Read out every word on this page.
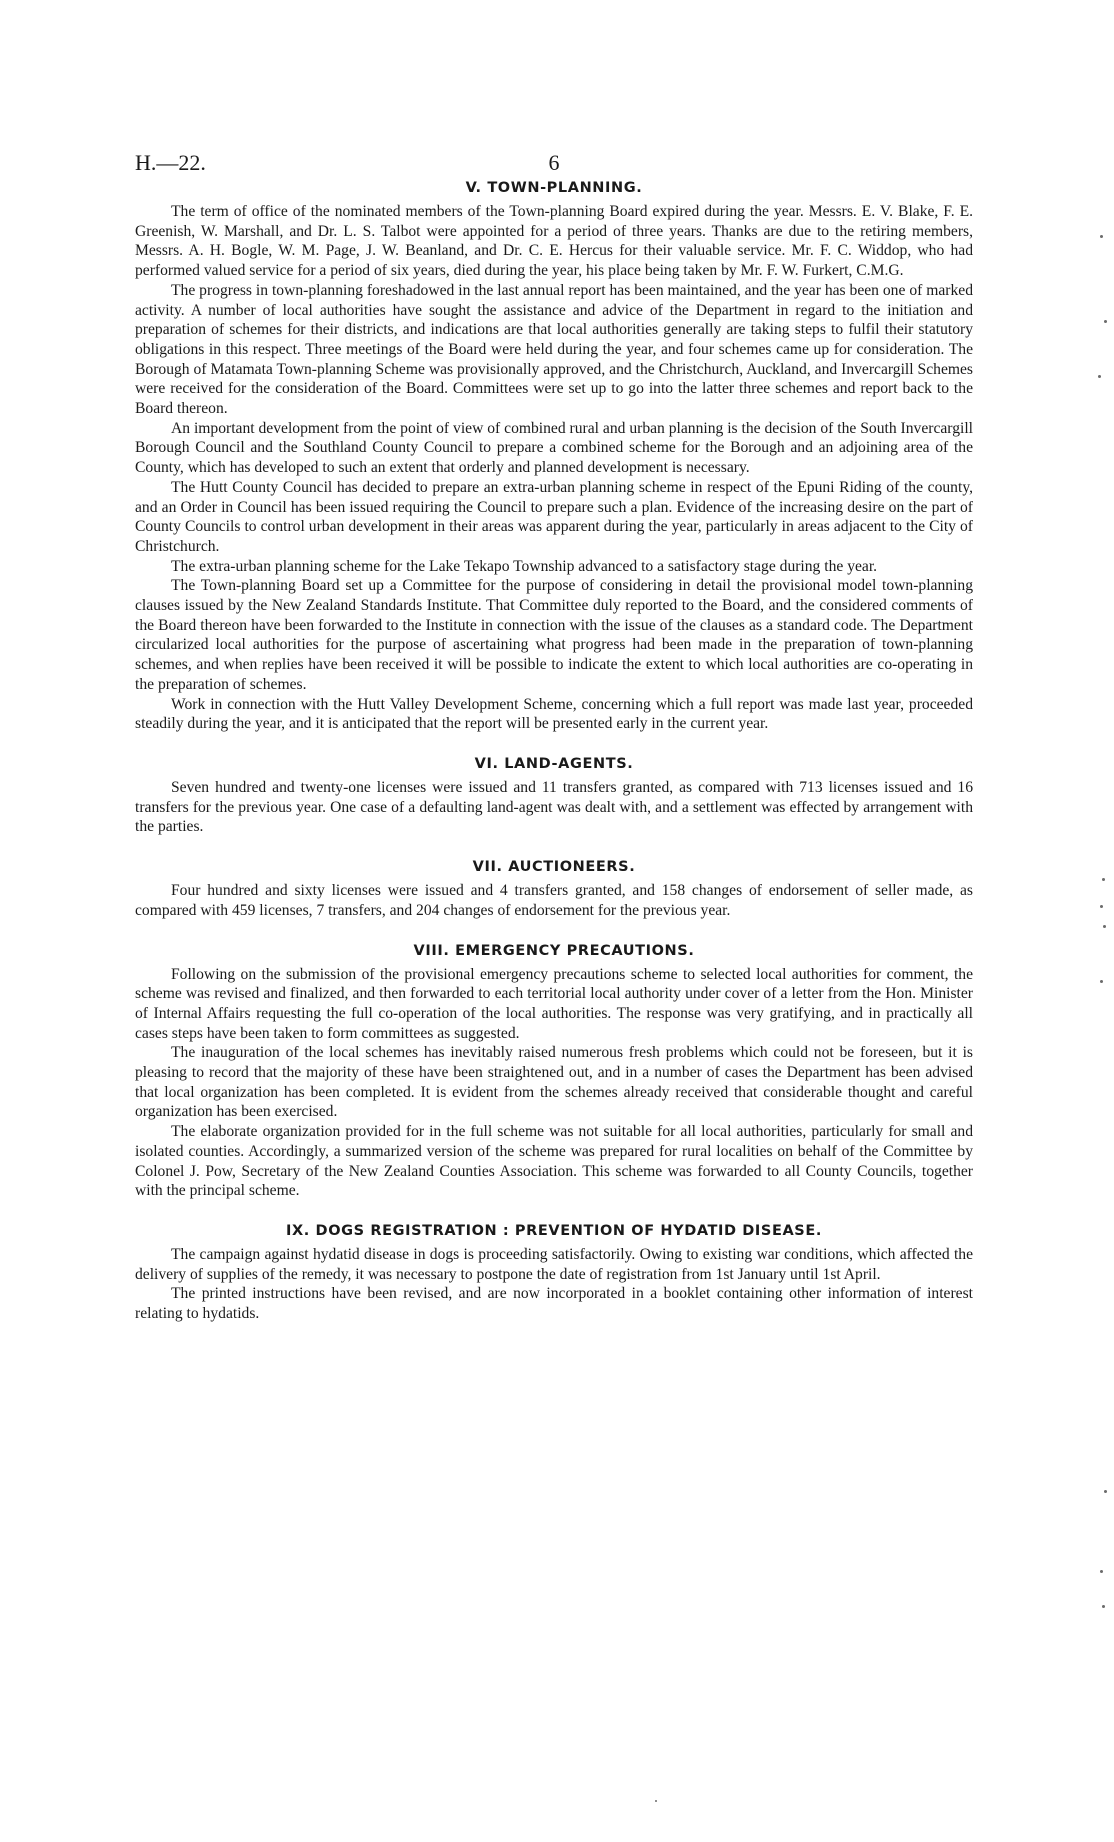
H.—22.	6
V. TOWN-PLANNING.

The term of office of the nominated members of the Town-planning Board expired during the year. Messrs. E. V. Blake, F. E. Greenish, W. Marshall, and Dr. L. S. Talbot were appointed for a period of three years. Thanks are due to the retiring members, Messrs. A. H. Bogle, W. M. Page, J. W. Beanland, and Dr. C. E. Hercus for their valuable service. Mr. F. C. Widdop, who had performed valued service for a period of six years, died during the year, his place being taken by Mr. F. W. Furkert, C.M.G.

The progress in town-planning foreshadowed in the last annual report has been maintained, and the year has been one of marked activity. A number of local authorities have sought the assistance and advice of the Department in regard to the initiation and preparation of schemes for their districts, and indications are that local authorities generally are taking steps to fulfil their statutory obligations in this respect. Three meetings of the Board were held during the year, and four schemes came up for consideration. The Borough of Matamata Town-planning Scheme was provisionally approved, and the Christchurch, Auckland, and Invercargill Schemes were received for the consideration of the Board. Committees were set up to go into the latter three schemes and report back to the Board thereon.

An important development from the point of view of combined rural and urban planning is the decision of the South Invercargill Borough Council and the Southland County Council to prepare a combined scheme for the Borough and an adjoining area of the County, which has developed to such an extent that orderly and planned development is necessary.

The Hutt County Council has decided to prepare an extra-urban planning scheme in respect of the Epuni Riding of the county, and an Order in Council has been issued requiring the Council to prepare such a plan. Evidence of the increasing desire on the part of County Councils to control urban development in their areas was apparent during the year, particularly in areas adjacent to the City of Christchurch.

The extra-urban planning scheme for the Lake Tekapo Township advanced to a satisfactory stage during the year.

The Town-planning Board set up a Committee for the purpose of considering in detail the provisional model town-planning clauses issued by the New Zealand Standards Institute. That Committee duly reported to the Board, and the considered comments of the Board thereon have been forwarded to the Institute in connection with the issue of the clauses as a standard code. The Department circularized local authorities for the purpose of ascertaining what progress had been made in the preparation of town-planning schemes, and when replies have been received it will be possible to indicate the extent to which local authorities are co-operating in the preparation of schemes.

Work in connection with the Hutt Valley Development Scheme, concerning which a full report was made last year, proceeded steadily during the year, and it is anticipated that the report will be presented early in the current year.

VI. LAND-AGENTS.

Seven hundred and twenty-one licenses were issued and 11 transfers granted, as compared with 713 licenses issued and 16 transfers for the previous year. One case of a defaulting land-agent was dealt with, and a settlement was effected by arrangement with the parties.

VII. AUCTIONEERS.

Four hundred and sixty licenses were issued and 4 transfers granted, and 158 changes of endorsement of seller made, as compared with 459 licenses, 7 transfers, and 204 changes of endorsement for the previous year.

VIII. EMERGENCY PRECAUTIONS.

Following on the submission of the provisional emergency precautions scheme to selected local authorities for comment, the scheme was revised and finalized, and then forwarded to each territorial local authority under cover of a letter from the Hon. Minister of Internal Affairs requesting the full co-operation of the local authorities. The response was very gratifying, and in practically all cases steps have been taken to form committees as suggested.

The inauguration of the local schemes has inevitably raised numerous fresh problems which could not be foreseen, but it is pleasing to record that the majority of these have been straightened out, and in a number of cases the Department has been advised that local organization has been completed. It is evident from the schemes already received that considerable thought and careful organization has been exercised.

The elaborate organization provided for in the full scheme was not suitable for all local authorities, particularly for small and isolated counties. Accordingly, a summarized version of the scheme was prepared for rural localities on behalf of the Committee by Colonel J. Pow, Secretary of the New Zealand Counties Association. This scheme was forwarded to all County Councils, together with the principal scheme.

IX. DOGS REGISTRATION : PREVENTION OF HYDATID DISEASE.

The campaign against hydatid disease in dogs is proceeding satisfactorily. Owing to existing war conditions, which affected the delivery of supplies of the remedy, it was necessary to postpone the date of registration from 1st January until 1st April.

The printed instructions have been revised, and are now incorporated in a booklet containing other information of interest relating to hydatids.
